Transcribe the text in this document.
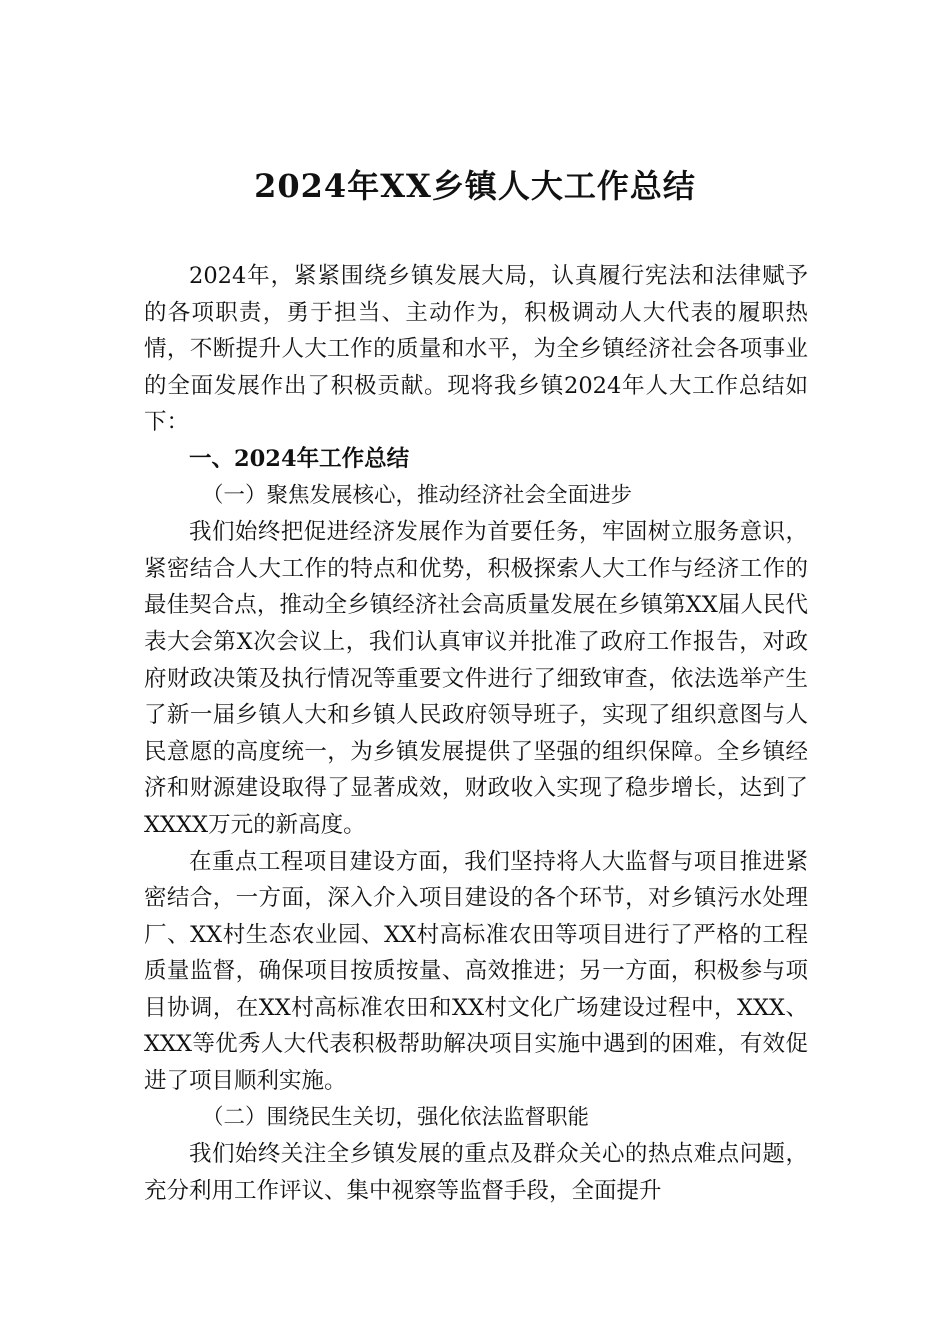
2024年XX乡镇人大工作总结

2024年，紧紧围绕乡镇发展大局，认真履行宪法和法律赋予的各项职责，勇于担当、主动作为，积极调动人大代表的履职热情，不断提升人大工作的质量和水平，为全乡镇经济社会各项事业的全面发展作出了积极贡献。现将我乡镇2024年人大工作总结如下：

一、2024年工作总结

（一）聚焦发展核心，推动经济社会全面进步

我们始终把促进经济发展作为首要任务，牢固树立服务意识，紧密结合人大工作的特点和优势，积极探索人大工作与经济工作的最佳契合点，推动全乡镇经济社会高质量发展在乡镇第XX届人民代表大会第X次会议上，我们认真审议并批准了政府工作报告，对政府财政决策及执行情况等重要文件进行了细致审查，依法选举产生了新一届乡镇人大和乡镇人民政府领导班子，实现了组织意图与人民意愿的高度统一，为乡镇发展提供了坚强的组织保障。全乡镇经济和财源建设取得了显著成效，财政收入实现了稳步增长，达到了XXXX万元的新高度。

在重点工程项目建设方面，我们坚持将人大监督与项目推进紧密结合，一方面，深入介入项目建设的各个环节，对乡镇污水处理厂、XX村生态农业园、XX村高标准农田等项目进行了严格的工程质量监督，确保项目按质按量、高效推进；另一方面，积极参与项目协调，在XX村高标准农田和XX村文化广场建设过程中，XXX、XXX等优秀人大代表积极帮助解决项目实施中遇到的困难，有效促进了项目顺利实施。

（二）围绕民生关切，强化依法监督职能

我们始终关注全乡镇发展的重点及群众关心的热点难点问题，充分利用工作评议、集中视察等监督手段，全面提升
